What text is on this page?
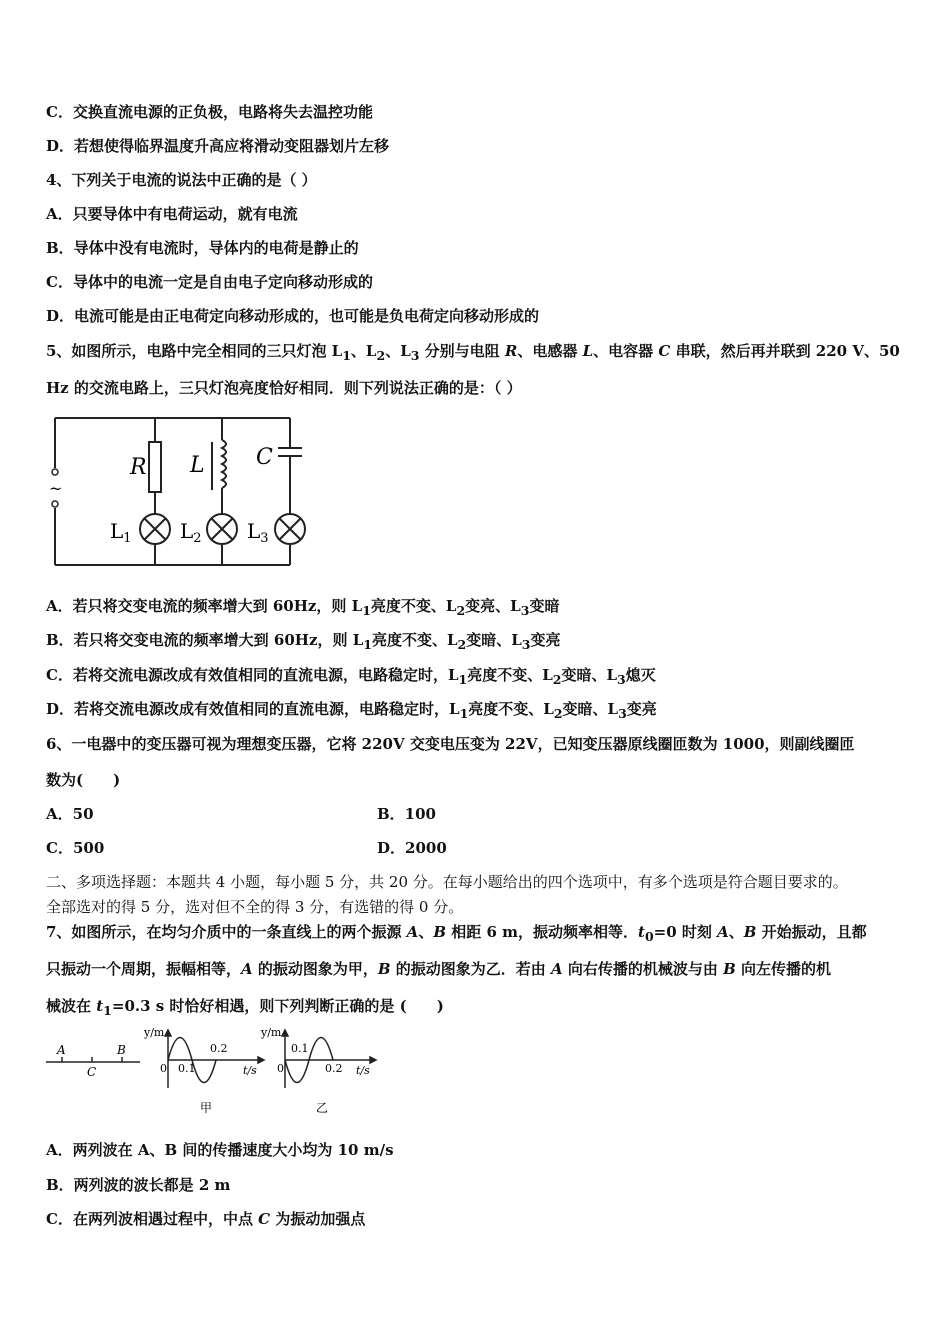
C．交换直流电源的正负极，电路将失去温控功能
D．若想使得临界温度升高应将滑动变阻器划片左移
4、下列关于电流的说法中正确的是（ ）
A．只要导体中有电荷运动，就有电流
B．导体中没有电流时，导体内的电荷是静止的
C．导体中的电流一定是自由电子定向移动形成的
D．电流可能是由正电荷定向移动形成的，也可能是负电荷定向移动形成的
5、如图所示，电路中完全相同的三只灯泡 $L_1$、$L_2$、$L_3$ 分别与电阻 R、电感器 L、电容器 C 串联，然后再并联到 220 V、50
Hz 的交流电路上，三只灯泡亮度恰好相同．则下列说法正确的是：（ ）
~
R L C
$L_1$ $L_2$ $L_3$
A．若只将交变电流的频率增大到 60Hz，则 $L_1$亮度不变、$L_2$变亮、$L_3$变暗
B．若只将交变电流的频率增大到 60Hz，则 $L_1$亮度不变、$L_2$变暗、$L_3$变亮
C．若将交流电源改成有效值相同的直流电源，电路稳定时，$L_1$亮度不变、$L_2$变暗、$L_3$熄灭
D．若将交流电源改成有效值相同的直流电源，电路稳定时，$L_1$亮度不变、$L_2$变暗、$L_3$变亮
6、一电器中的变压器可视为理想变压器，它将 220V 交变电压变为 22V，已知变压器原线圈匝数为 1000，则副线圈匝
数为(　　)
A．50	B．100
C．500	D．2000
二、多项选择题：本题共 4 小题，每小题 5 分，共 20 分。在每小题给出的四个选项中，有多个选项是符合题目要求的。
全部选对的得 5 分，选对但不全的得 3 分，有选错的得 0 分。
7、如图所示，在均匀介质中的一条直线上的两个振源 A、B 相距 6 m，振动频率相等．$t_0=0$ 时刻 A、B 开始振动，且都
只振动一个周期，振幅相等，A 的振动图象为甲，B 的振动图象为乙．若由 A 向右传播的机械波与由 B 向左传播的机
械波在 $t_1=0.3$ s 时恰好相遇，则下列判断正确的是 (　　)
A	B
C
y/m
0 0.1
0.2
t/s
甲
y/m
0
0.1
0.2 t/s
乙
A．两列波在 A、B 间的传播速度大小均为 10 m/s
B．两列波的波长都是 2 m
C．在两列波相遇过程中，中点 C 为振动加强点
